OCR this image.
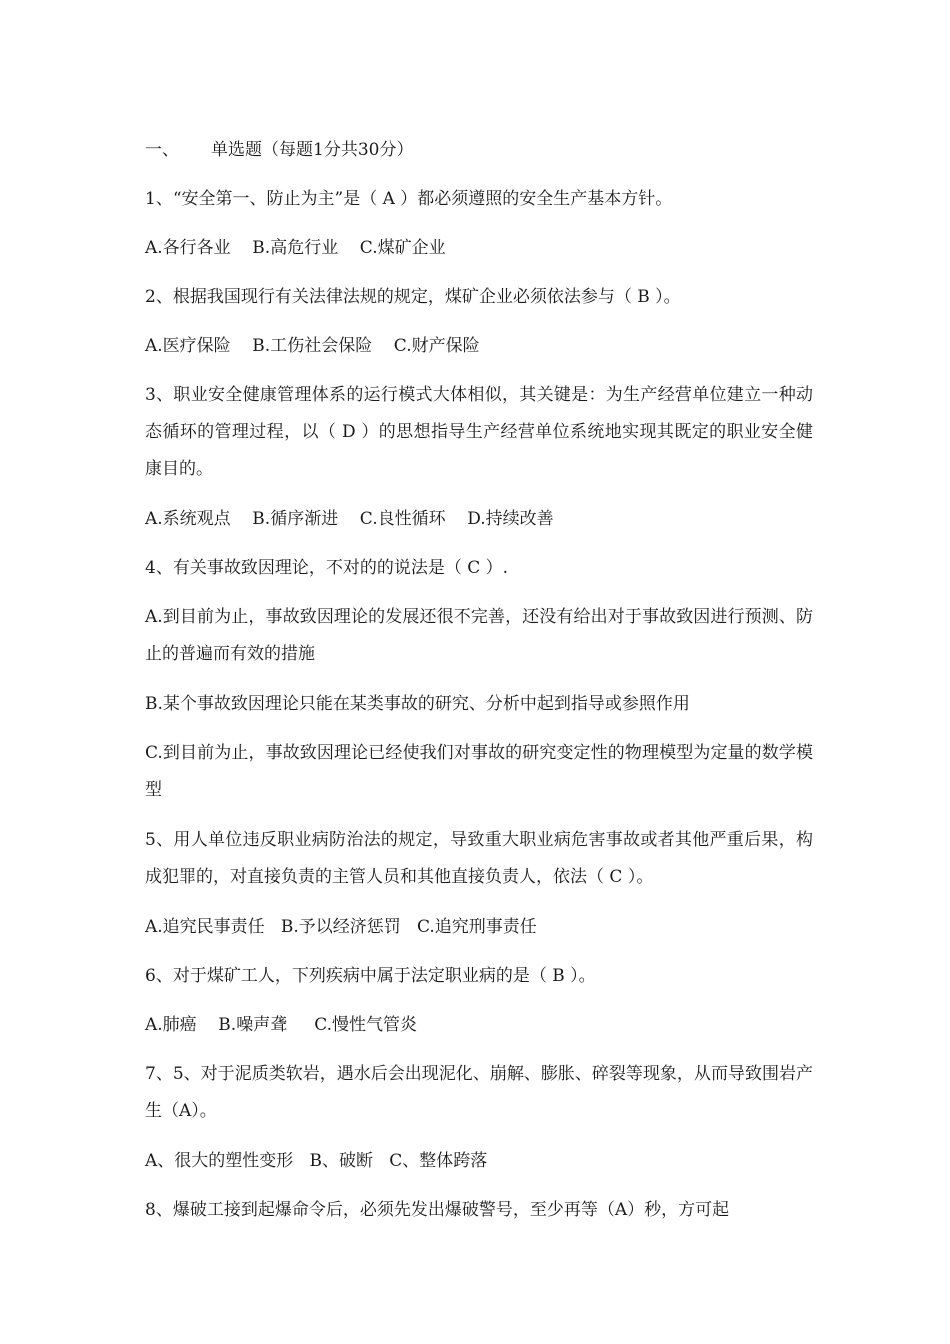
一、 单选题（每题1分共30分）

1、“安全第一、防止为主”是（ A ）都必须遵照的安全生产基本方针。

A.各行各业    B.高危行业    C.煤矿企业

2、根据我国现行有关法律法规的规定，煤矿企业必须依法参与（ B ）。

A.医疗保险    B.工伤社会保险    C.财产保险

3、职业安全健康管理体系的运行模式大体相似，其关键是：为生产经营单位建立一种动态循环的管理过程，以（ D ）的思想指导生产经营单位系统地实现其既定的职业安全健康目的。

A.系统观点    B.循序渐进    C.良性循环    D.持续改善

4、有关事故致因理论，不对的的说法是（ C ）.

A.到目前为止，事故致因理论的发展还很不完善，还没有给出对于事故致因进行预测、防止的普遍而有效的措施

B.某个事故致因理论只能在某类事故的研究、分析中起到指导或参照作用

C.到目前为止，事故致因理论已经使我们对事故的研究变定性的物理模型为定量的数学模型

5、用人单位违反职业病防治法的规定，导致重大职业病危害事故或者其他严重后果，构成犯罪的，对直接负责的主管人员和其他直接负责人，依法（ C ）。

A.追究民事责任   B.予以经济惩罚   C.追究刑事责任

6、对于煤矿工人，下列疾病中属于法定职业病的是（ B ）。

A.肺癌    B.噪声聋     C.慢性气管炎

7、5、对于泥质类软岩，遇水后会出现泥化、崩解、膨胀、碎裂等现象，从而导致围岩产生（A）。

A、很大的塑性变形   B、破断   C、整体跨落

8、爆破工接到起爆命令后，必须先发出爆破警号，至少再等（A）秒，方可起
